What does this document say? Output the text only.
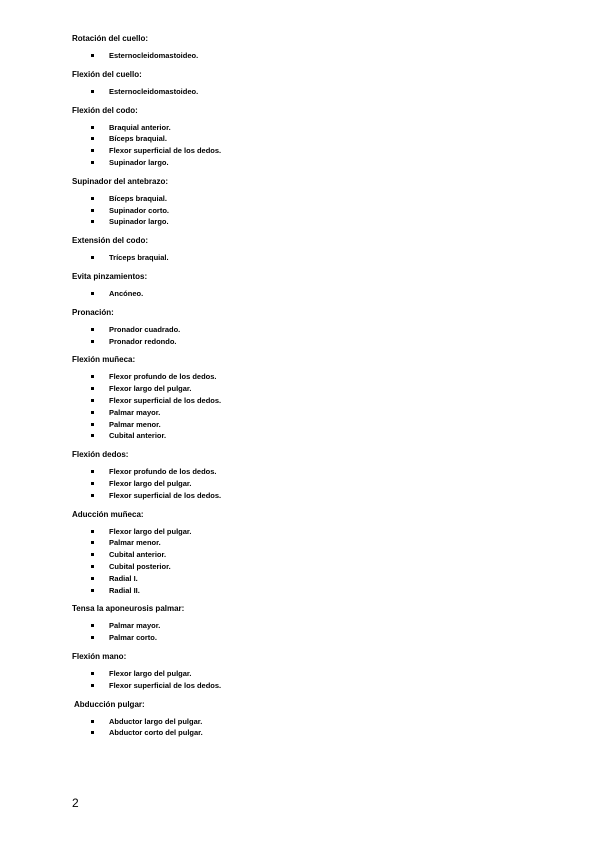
Rotación del cuello:
Esternocleidomastoideo.
Flexión del cuello:
Esternocleidomastoideo.
Flexión del codo:
Braquial anterior.
Bíceps braquial.
Flexor superficial de los dedos.
Supinador largo.
Supinador del antebrazo:
Bíceps braquial.
Supinador corto.
Supinador largo.
Extensión del codo:
Tríceps braquial.
Evita pinzamientos:
Ancóneo.
Pronación:
Pronador cuadrado.
Pronador redondo.
Flexión muñeca:
Flexor profundo de los dedos.
Flexor largo del pulgar.
Flexor superficial de los dedos.
Palmar mayor.
Palmar menor.
Cubital anterior.
Flexión dedos:
Flexor profundo de los dedos.
Flexor largo del pulgar.
Flexor superficial de los dedos.
Aducción muñeca:
Flexor largo del pulgar.
Palmar menor.
Cubital anterior.
Cubital posterior.
Radial I.
Radial II.
Tensa la aponeurosis palmar:
Palmar mayor.
Palmar corto.
Flexión mano:
Flexor largo del pulgar.
Flexor superficial de los dedos.
Abducción pulgar:
Abductor largo del pulgar.
Abductor corto del pulgar.
2
